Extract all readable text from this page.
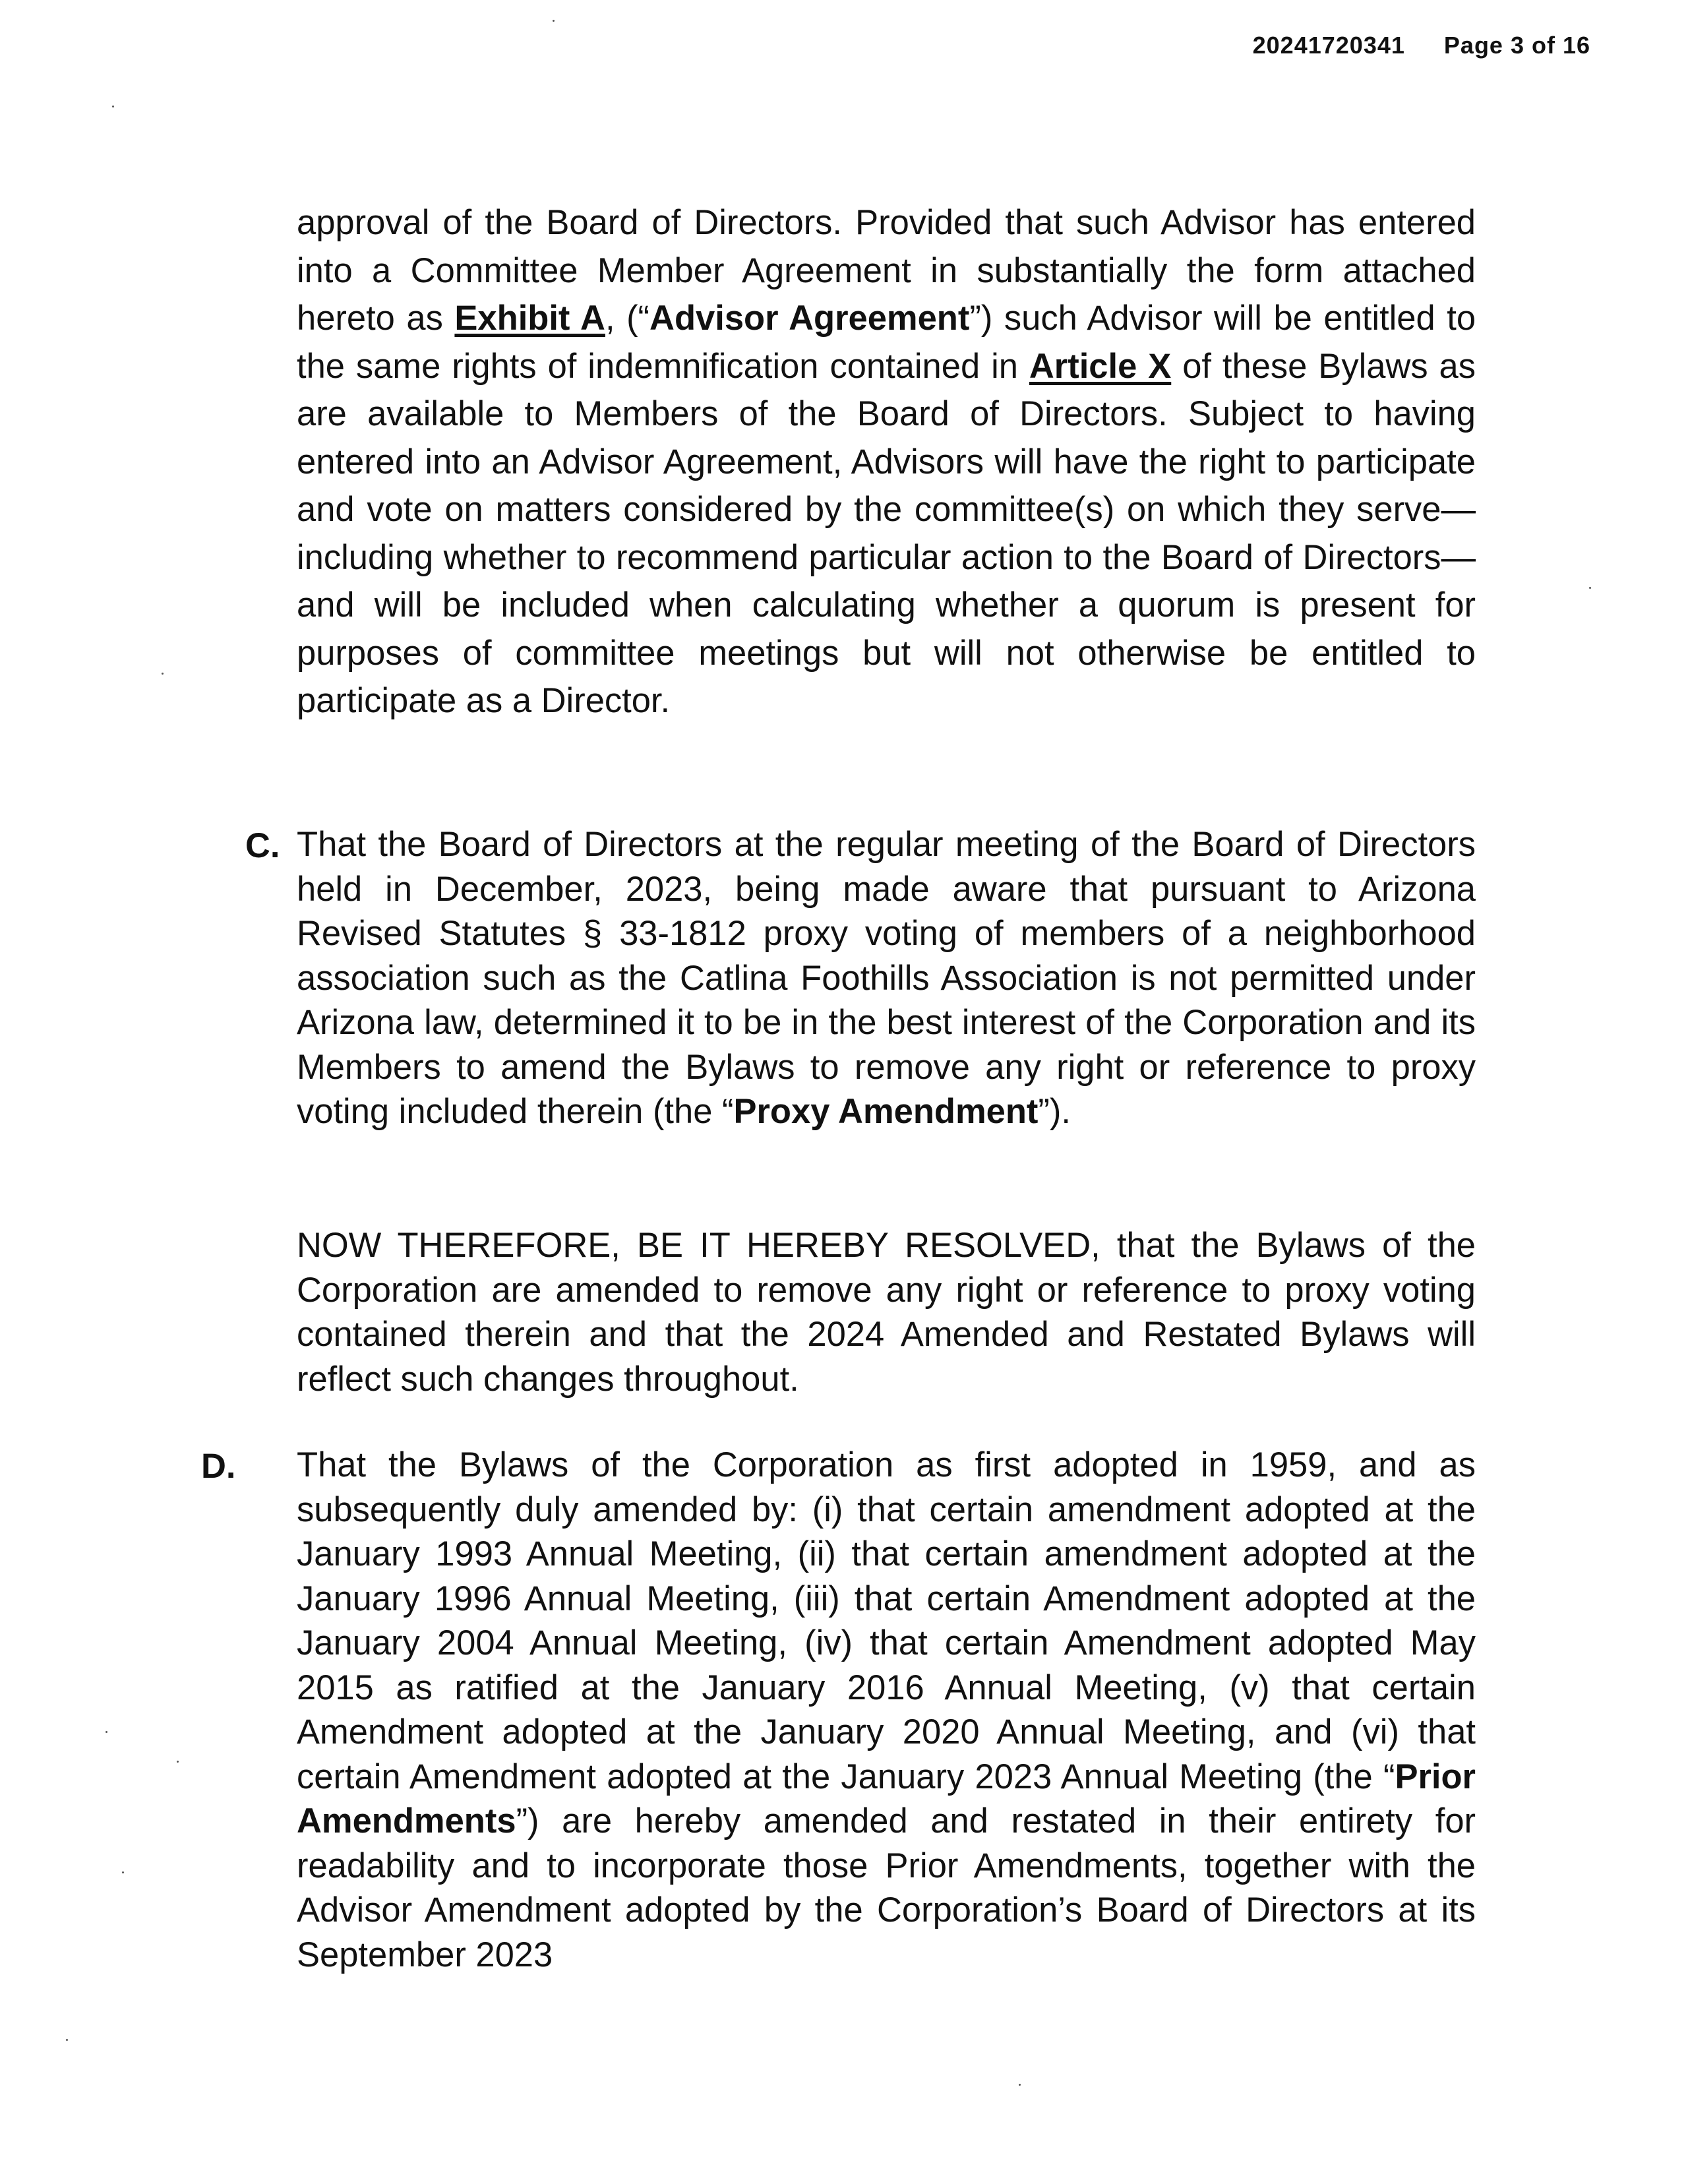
20241720341 Page 3 of 16

approval of the Board of Directors. Provided that such Advisor has entered into a Committee Member Agreement in substantially the form attached hereto as Exhibit A, (“Advisor Agreement”) such Advisor will be entitled to the same rights of indemnification contained in Article X of these Bylaws as are available to Members of the Board of Directors. Subject to having entered into an Advisor Agreement, Advisors will have the right to participate and vote on matters considered by the committee(s) on which they serve—including whether to recommend particular action to the Board of Directors—and will be included when calculating whether a quorum is present for purposes of committee meetings but will not otherwise be entitled to participate as a Director.

C. That the Board of Directors at the regular meeting of the Board of Directors held in December, 2023, being made aware that pursuant to Arizona Revised Statutes § 33-1812 proxy voting of members of a neighborhood association such as the Catlina Foothills Association is not permitted under Arizona law, determined it to be in the best interest of the Corporation and its Members to amend the Bylaws to remove any right or reference to proxy voting included therein (the “Proxy Amendment”).

NOW THEREFORE, BE IT HEREBY RESOLVED, that the Bylaws of the Corporation are amended to remove any right or reference to proxy voting contained therein and that the 2024 Amended and Restated Bylaws will reflect such changes throughout.

D. That the Bylaws of the Corporation as first adopted in 1959, and as subsequently duly amended by: (i) that certain amendment adopted at the January 1993 Annual Meeting, (ii) that certain amendment adopted at the January 1996 Annual Meeting, (iii) that certain Amendment adopted at the January 2004 Annual Meeting, (iv) that certain Amendment adopted May 2015 as ratified at the January 2016 Annual Meeting, (v) that certain Amendment adopted at the January 2020 Annual Meeting, and (vi) that certain Amendment adopted at the January 2023 Annual Meeting (the “Prior Amendments”) are hereby amended and restated in their entirety for readability and to incorporate those Prior Amendments, together with the Advisor Amendment adopted by the Corporation’s Board of Directors at its September 2023
